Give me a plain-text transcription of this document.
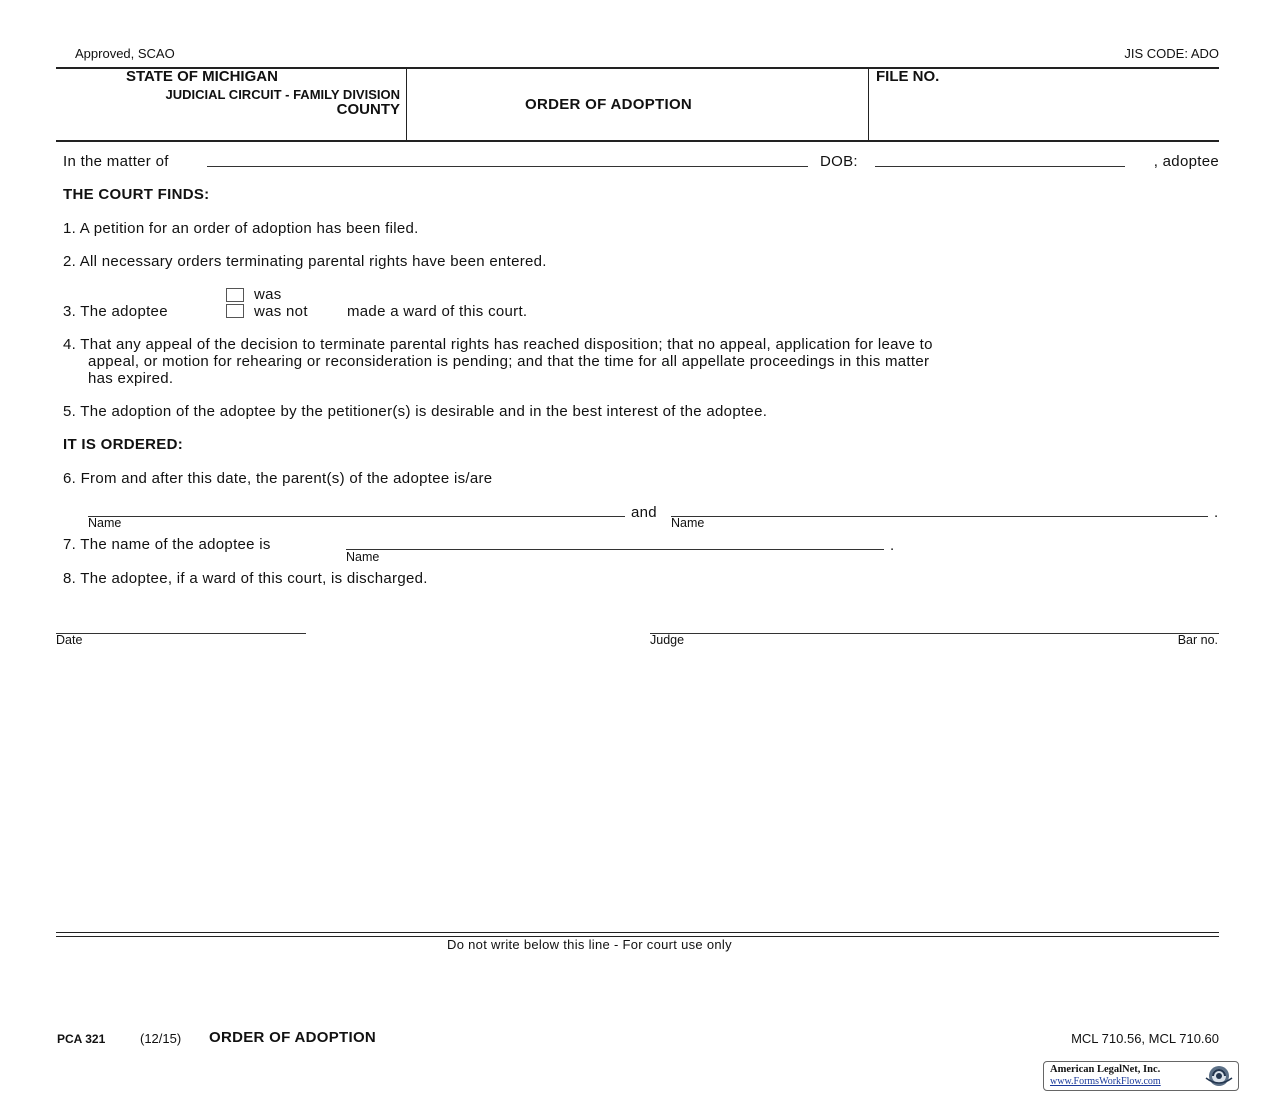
Approved, SCAO	JIS CODE: ADO
STATE OF MICHIGAN
JUDICIAL CIRCUIT - FAMILY DIVISION
COUNTY	ORDER OF ADOPTION
FILE NO.
In the matter of	DOB:	, adoptee
THE COURT FINDS:
1. A petition for an order of adoption has been filed.
2. All necessary orders terminating parental rights have been entered.
3. The adoptee
was
was not	made a ward of this court.
4. That any appeal of the decision to terminate parental rights has reached disposition; that no appeal, application for leave to
appeal, or motion for rehearing or reconsideration is pending; and that the time for all appellate proceedings in this matter
has expired.
5. The adoption of the adoptee by the petitioner(s) is desirable and in the best interest of the adoptee.
IT IS ORDERED:
6. From and after this date, the parent(s) of the adoptee is/are
Name
and
Name
.
7. The name of the adoptee is
Name
.
8. The adoptee, if a ward of this court, is discharged.
Date	Judge	Bar no.
Do not write below this line - For court use only
PCA 321	(12/15) ORDER OF ADOPTION	MCL 710.56, MCL 710.60
American LegalNet, Inc.
www.FormsWorkFlow.com
